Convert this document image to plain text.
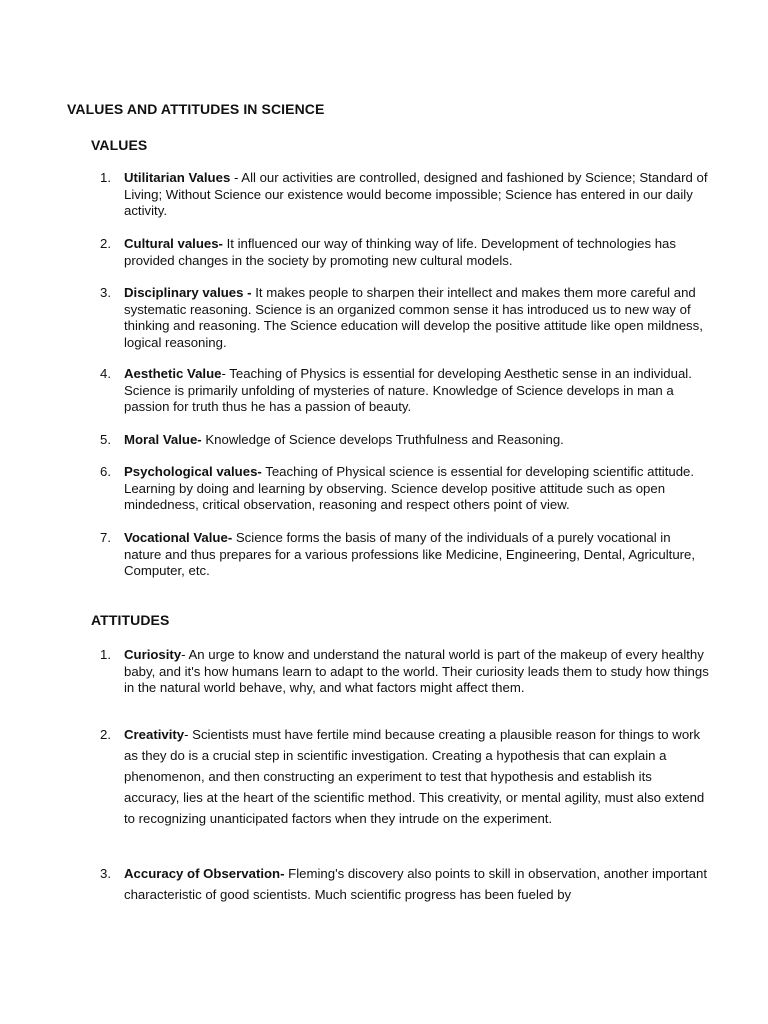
VALUES AND ATTITUDES IN SCIENCE
VALUES
1. Utilitarian Values - All our activities are controlled, designed and fashioned by Science; Standard of Living; Without Science our existence would become impossible; Science has entered in our daily activity.
2. Cultural values- It influenced our way of thinking way of life. Development of technologies has provided changes in the society by promoting new cultural models.
3. Disciplinary values - It makes people to sharpen their intellect and makes them more careful and systematic reasoning. Science is an organized common sense it has introduced us to new way of thinking and reasoning. The Science education will develop the positive attitude like open mildness, logical reasoning.
4. Aesthetic Value- Teaching of Physics is essential for developing Aesthetic sense in an individual. Science is primarily unfolding of mysteries of nature. Knowledge of Science develops in man a passion for truth thus he has a passion of beauty.
5. Moral Value- Knowledge of Science develops Truthfulness and Reasoning.
6. Psychological values- Teaching of Physical science is essential for developing scientific attitude. Learning by doing and learning by observing. Science develop positive attitude such as open mindedness, critical observation, reasoning and respect others point of view.
7. Vocational Value- Science forms the basis of many of the individuals of a purely vocational in nature and thus prepares for a various professions like Medicine, Engineering, Dental, Agriculture, Computer, etc.
ATTITUDES
1. Curiosity- An urge to know and understand the natural world is part of the makeup of every healthy baby, and it's how humans learn to adapt to the world. Their curiosity leads them to study how things in the natural world behave, why, and what factors might affect them.
2. Creativity- Scientists must have fertile mind because creating a plausible reason for things to work as they do is a crucial step in scientific investigation. Creating a hypothesis that can explain a phenomenon, and then constructing an experiment to test that hypothesis and establish its accuracy, lies at the heart of the scientific method. This creativity, or mental agility, must also extend to recognizing unanticipated factors when they intrude on the experiment.
3. Accuracy of Observation- Fleming's discovery also points to skill in observation, another important characteristic of good scientists. Much scientific progress has been fueled by
